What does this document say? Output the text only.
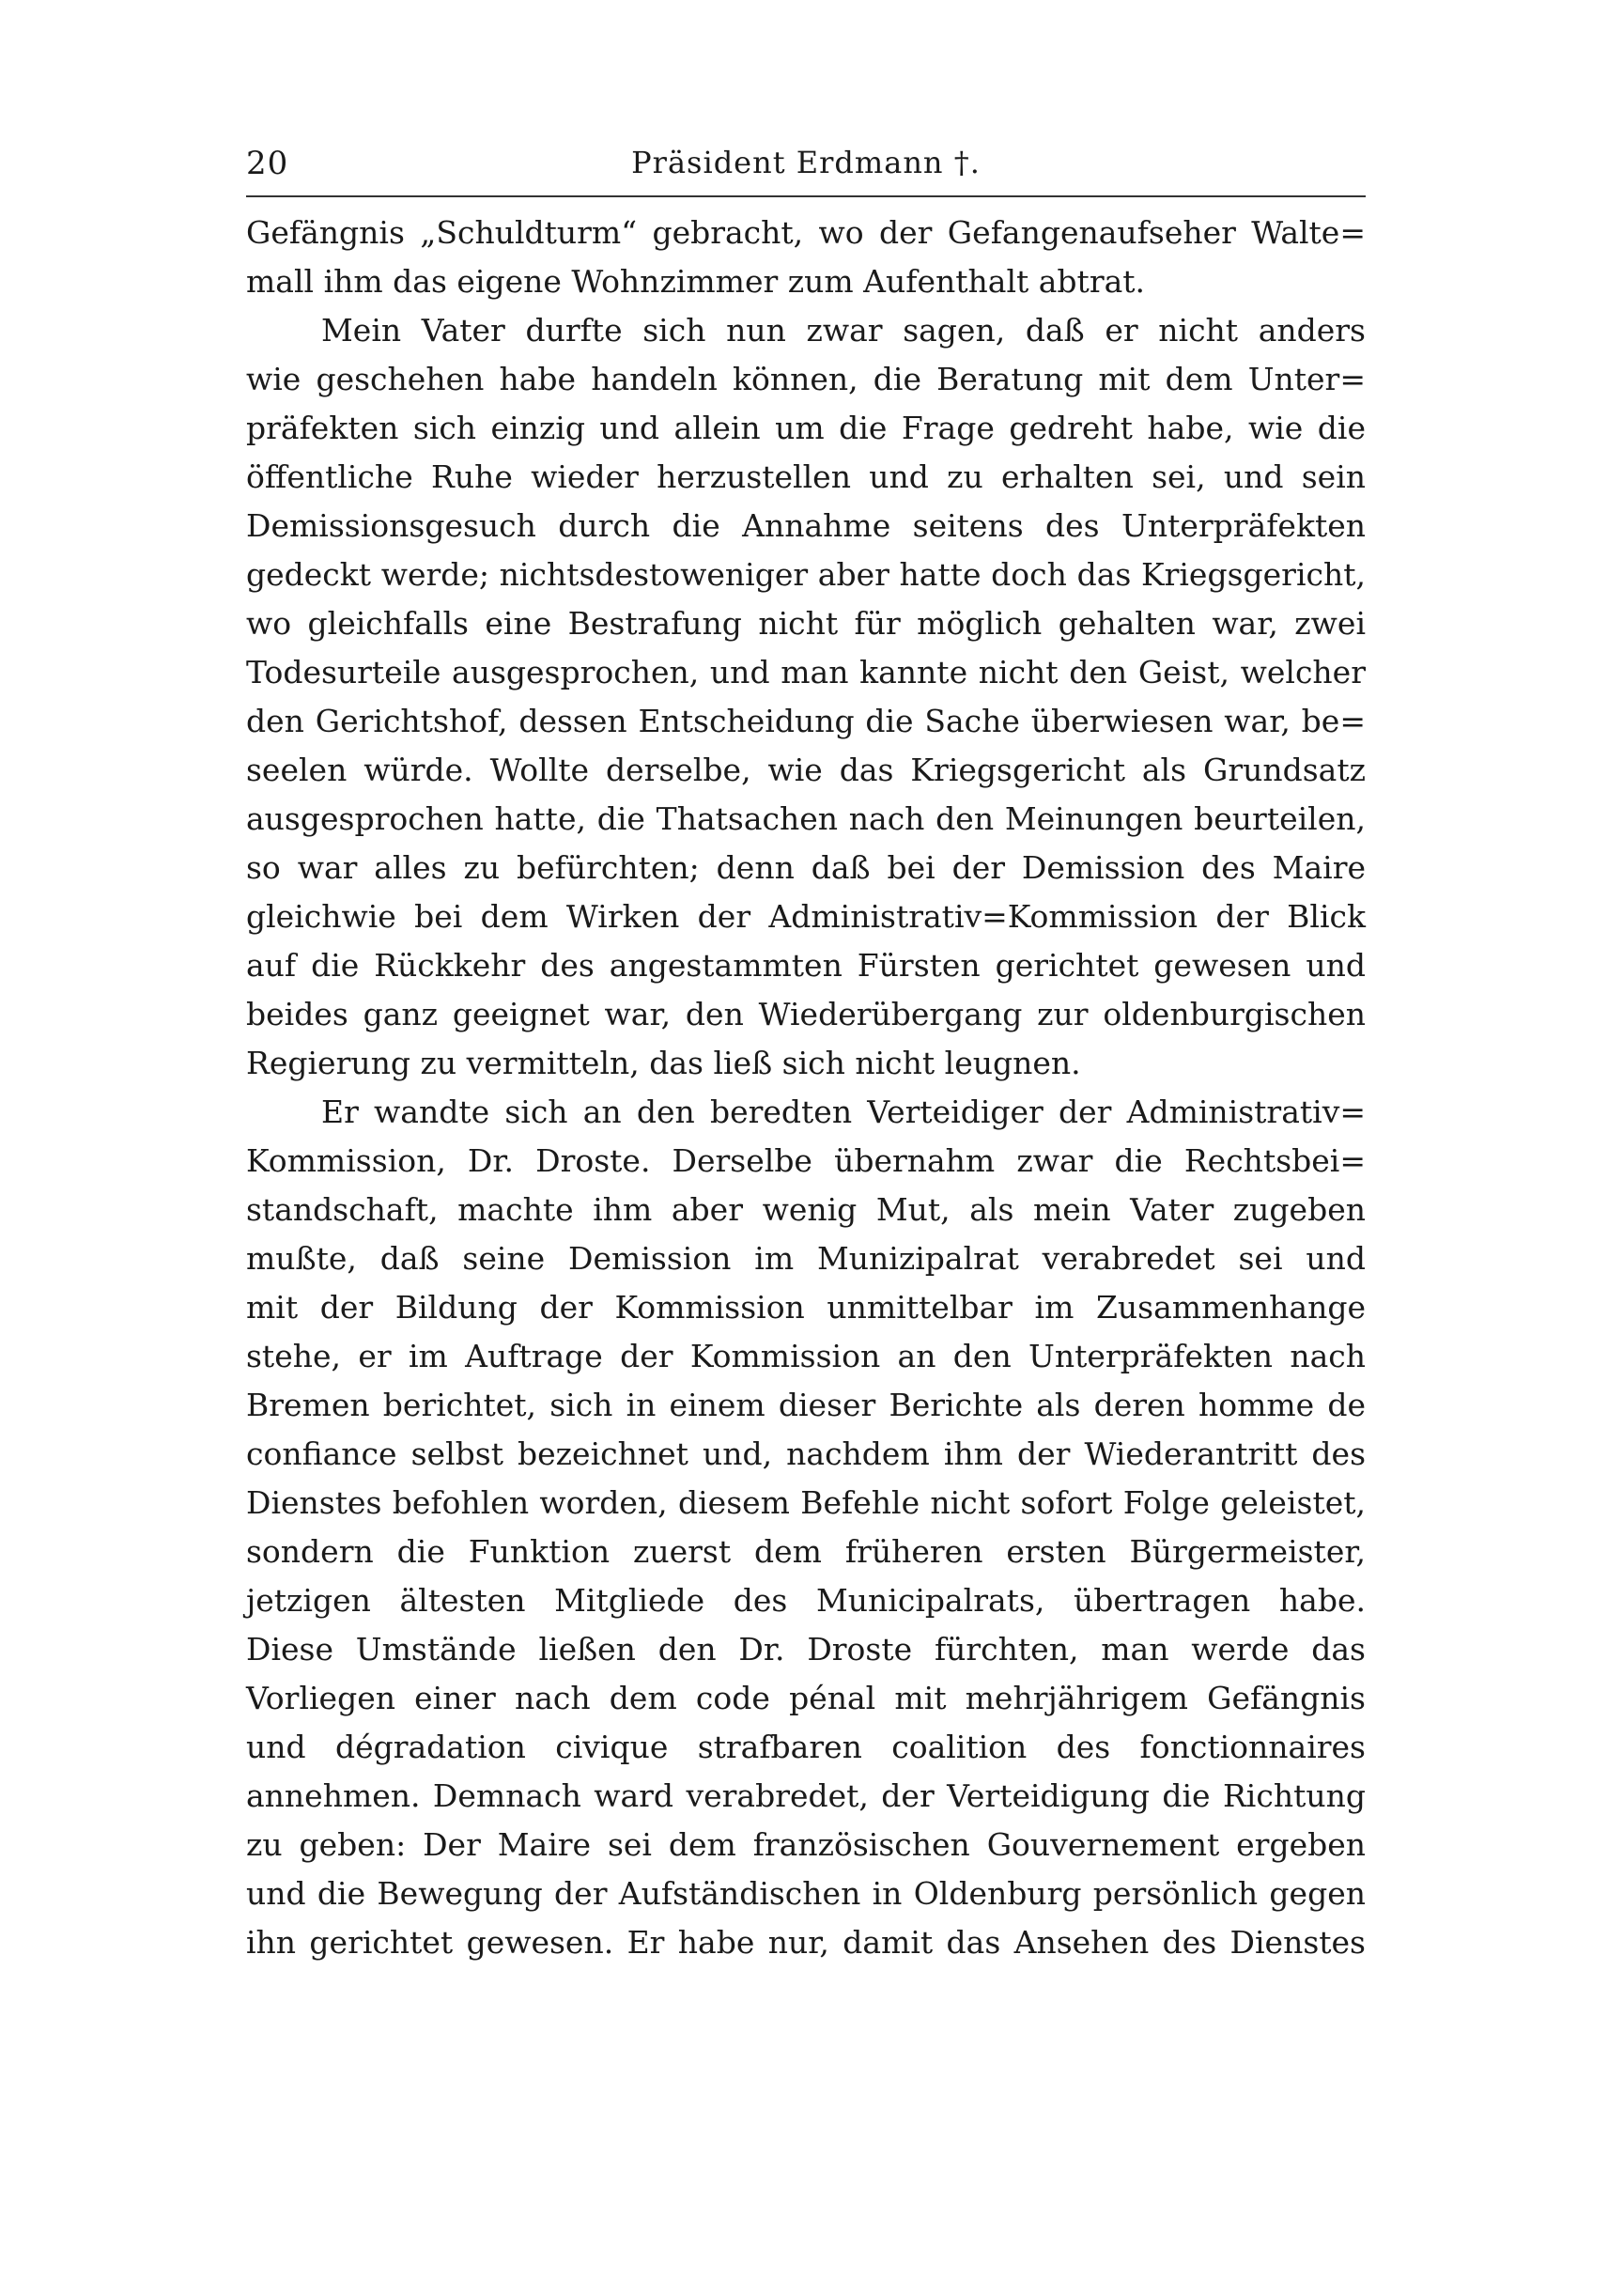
20	Präsident Erdmann †.
Gefängnis „Schuldturm“ gebracht, wo der Gefangenaufseher Walte=
mall ihm das eigene Wohnzimmer zum Aufenthalt abtrat.
Mein Vater durfte sich nun zwar sagen, daß er nicht anders
wie geschehen habe handeln können, die Beratung mit dem Unter=
präfekten sich einzig und allein um die Frage gedreht habe, wie die
öffentliche Ruhe wieder herzustellen und zu erhalten sei, und sein
Demissionsgesuch durch die Annahme seitens des Unterpräfekten
gedeckt werde; nichtsdestoweniger aber hatte doch das Kriegsgericht,
wo gleichfalls eine Bestrafung nicht für möglich gehalten war, zwei
Todesurteile ausgesprochen, und man kannte nicht den Geist, welcher
den Gerichtshof, dessen Entscheidung die Sache überwiesen war, be=
seelen würde. Wollte derselbe, wie das Kriegsgericht als Grundsatz
ausgesprochen hatte, die Thatsachen nach den Meinungen beurteilen,
so war alles zu befürchten; denn daß bei der Demission des Maire
gleichwie bei dem Wirken der Administrativ=Kommission der Blick
auf die Rückkehr des angestammten Fürsten gerichtet gewesen und
beides ganz geeignet war, den Wiederübergang zur oldenburgischen
Regierung zu vermitteln, das ließ sich nicht leugnen.
Er wandte sich an den beredten Verteidiger der Administrativ=
Kommission, Dr. Droste. Derselbe übernahm zwar die Rechtsbei=
standschaft, machte ihm aber wenig Mut, als mein Vater zugeben
mußte, daß seine Demission im Munizipalrat verabredet sei und
mit der Bildung der Kommission unmittelbar im Zusammenhange
stehe, er im Auftrage der Kommission an den Unterpräfekten nach
Bremen berichtet, sich in einem dieser Berichte als deren homme de
confiance selbst bezeichnet und, nachdem ihm der Wiederantritt des
Dienstes befohlen worden, diesem Befehle nicht sofort Folge geleistet,
sondern die Funktion zuerst dem früheren ersten Bürgermeister,
jetzigen ältesten Mitgliede des Municipalrats, übertragen habe.
Diese Umstände ließen den Dr. Droste fürchten, man werde das
Vorliegen einer nach dem code pénal mit mehrjährigem Gefängnis
und dégradation civique strafbaren coalition des fonctionnaires
annehmen. Demnach ward verabredet, der Verteidigung die Richtung
zu geben: Der Maire sei dem französischen Gouvernement ergeben
und die Bewegung der Aufständischen in Oldenburg persönlich gegen
ihn gerichtet gewesen. Er habe nur, damit das Ansehen des Dienstes
